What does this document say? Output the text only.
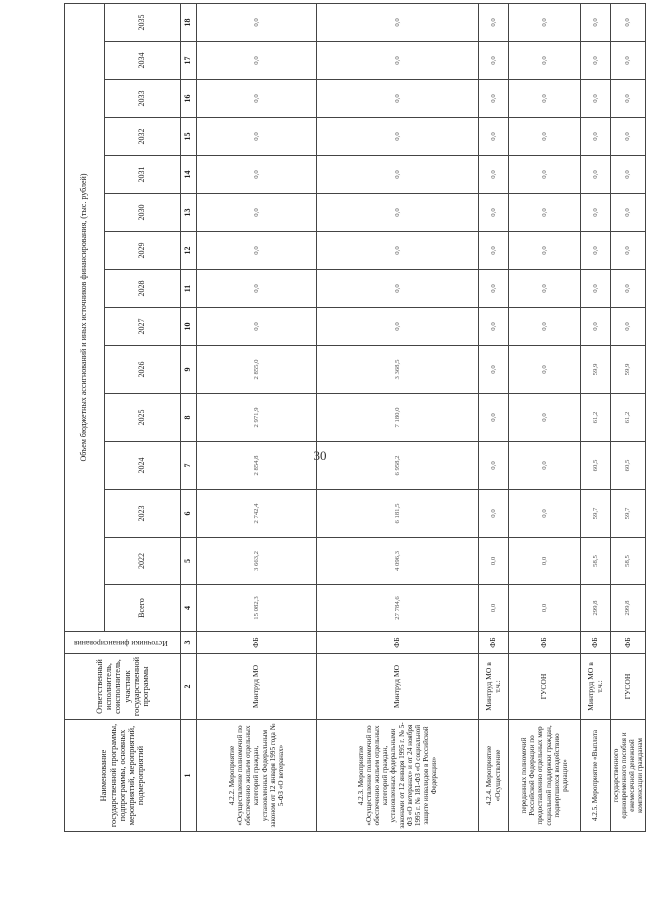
30
Наименование государственной программы, подпрограммы, основных мероприятий, мероприятий, подмероприятий	Ответственный исполнитель, соисполнитель, участник государственной программы	Источники финансирования	Объем бюджетных ассигнований и иных источников финансирования, (тыс. рублей)														
			Всего	2022	2023	2024	2025	2026	2027	2028	2029	2030	2031	2032	2033	2034	2035
1	2	3	4	5	6	7	8	9	10	11	12	13	14	15	16	17	18
4.2.2. Мероприятие «Осуществление полномочий по обеспечению жильем отдельных категорий граждан, установленных Федеральным законом от 12 января 1995 года № 5-ФЗ «О ветеранах»	Минтруд МО	ФБ	15 082,3	3 663,2	2 742,4	2 854,8	2 971,9	2 855,0	0,0	0,0	0,0	0,0	0,0	0,0	0,0	0,0	0,0
4.2.3. Мероприятие «Осуществление полномочий по обеспечению жильем отдельных категорий граждан, установленных федеральными законами от 12 января 1995 г. № 5-ФЗ «О ветеранах» и от 24 ноября 1995 г. № 181-ФЗ «О социальной защите инвалидов в Российской Федерации»	Минтруд МО	ФБ	27 784,6	4 096,3	6 181,5	6 958,2	7 180,0	3 368,5	0,0	0,0	0,0	0,0	0,0	0,0	0,0	0,0	0,0
4.2.4. Мероприятие «Осуществление	Минтруд МО в т.ч.:	ФБ	0,0	0,0	0,0	0,0	0,0	0,0	0,0	0,0	0,0	0,0	0,0	0,0	0,0	0,0	0,0
переданных полномочий Российской Федерации по предоставлению отдельных мер социальной поддержки граждан, подвергшихся воздействию радиации»	ГУСОН	ФБ	0,0	0,0	0,0	0,0	0,0	0,0	0,0	0,0	0,0	0,0	0,0	0,0	0,0	0,0	0,0
4.2.5. Мероприятие «Выплата	Минтруд МО в т.ч.:	ФБ	299,8	58,5	59,7	60,5	61,2	59,9	0,0	0,0	0,0	0,0	0,0	0,0	0,0	0,0	0,0
государственного единовременного пособия и ежемесячной денежной компенсации гражданам	ГУСОН	ФБ	299,8	58,5	59,7	60,5	61,2	59,9	0,0	0,0	0,0	0,0	0,0	0,0	0,0	0,0	0,0
